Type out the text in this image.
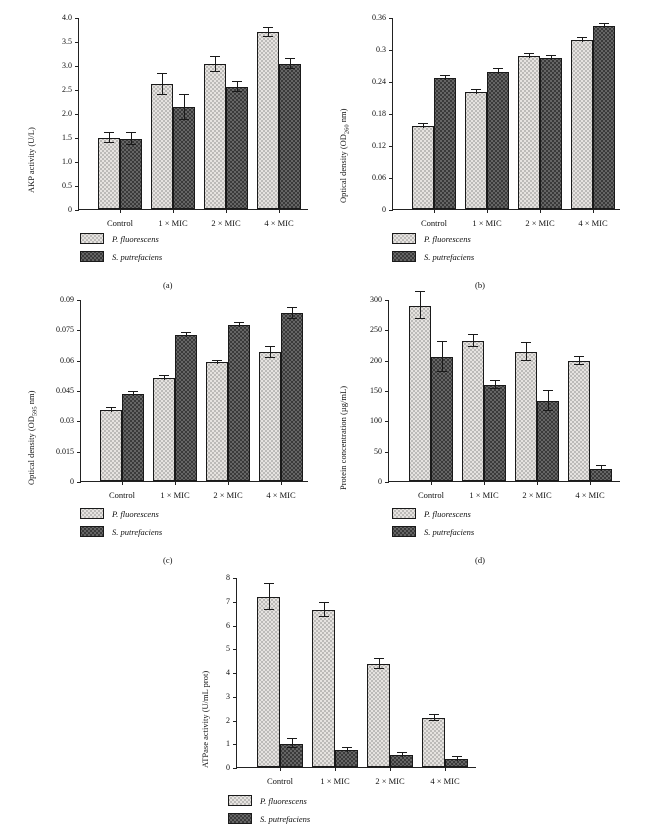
AKP activity (U/L)
0
0.5
1.0
1.5
2.0
2.5
3.0
3.5
4.0
Control	1 × MIC	2 × MIC	4 × MIC
P. fluorescens
S. putrefaciens
(a)
Optical density ($OD_{260}$ nm)
0
0.06
0.12
0.18
0.24
0.3
0.36
Control	1 × MIC	2 × MIC	4 × MIC
P. fluorescens
S. putrefaciens
(b)
Optical density ($OD_{595}$ nm)
0
0.015
0.03
0.045
0.06
0.075
0.09
Control	1 × MIC	2 × MIC	4 × MIC
P. fluorescens
S. putrefaciens
(c)
Protein concentration (µg/mL)	0
50
100
150
200
250
300
Control	1 × MIC	2 × MIC	4 × MIC
P. fluorescens
S. putrefaciens
(d)
ATPase activity (U/mL prot) 0
1
2
3
4
5
6
7
8
Control	1 × MIC	2 × MIC	4 × MIC
P. fluorescens
S. putrefaciens
